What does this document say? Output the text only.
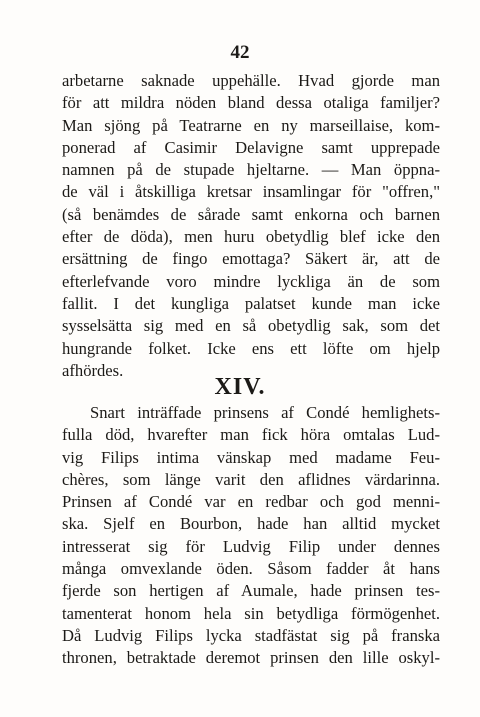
42
arbetarne saknade uppehälle. Hvad gjorde man
för att mildra nöden bland dessa otaliga familjer?
Man sjöng på Teatrarne en ny marseillaise, kom-
ponerad af Casimir Delavigne samt upprepade
namnen på de stupade hjeltarne. — Man öppna-
de väl i åtskilliga kretsar insamlingar för "offren,"
(så benämdes de sårade samt enkorna och barnen
efter de döda), men huru obetydlig blef icke den
ersättning de fingo emottaga? Säkert är, att de
efterlefvande voro mindre lyckliga än de som
fallit. I det kungliga palatset kunde man icke
sysselsätta sig med en så obetydlig sak, som det
hungrande folket. Icke ens ett löfte om hjelp
afhördes.
XIV.
Snart inträffade prinsens af Condé hemlighets-
fulla död, hvarefter man fick höra omtalas Lud-
vig Filips intima vänskap med madame Feu-
chères, som länge varit den aflidnes värdarinna.
Prinsen af Condé var en redbar och god menni-
ska. Sjelf en Bourbon, hade han alltid mycket
intresserat sig för Ludvig Filip under dennes
många omvexlande öden. Såsom fadder åt hans
fjerde son hertigen af Aumale, hade prinsen tes-
tamenterat honom hela sin betydliga förmögenhet.
Då Ludvig Filips lycka stadfästat sig på franska
thronen, betraktade deremot prinsen den lille oskyl-
